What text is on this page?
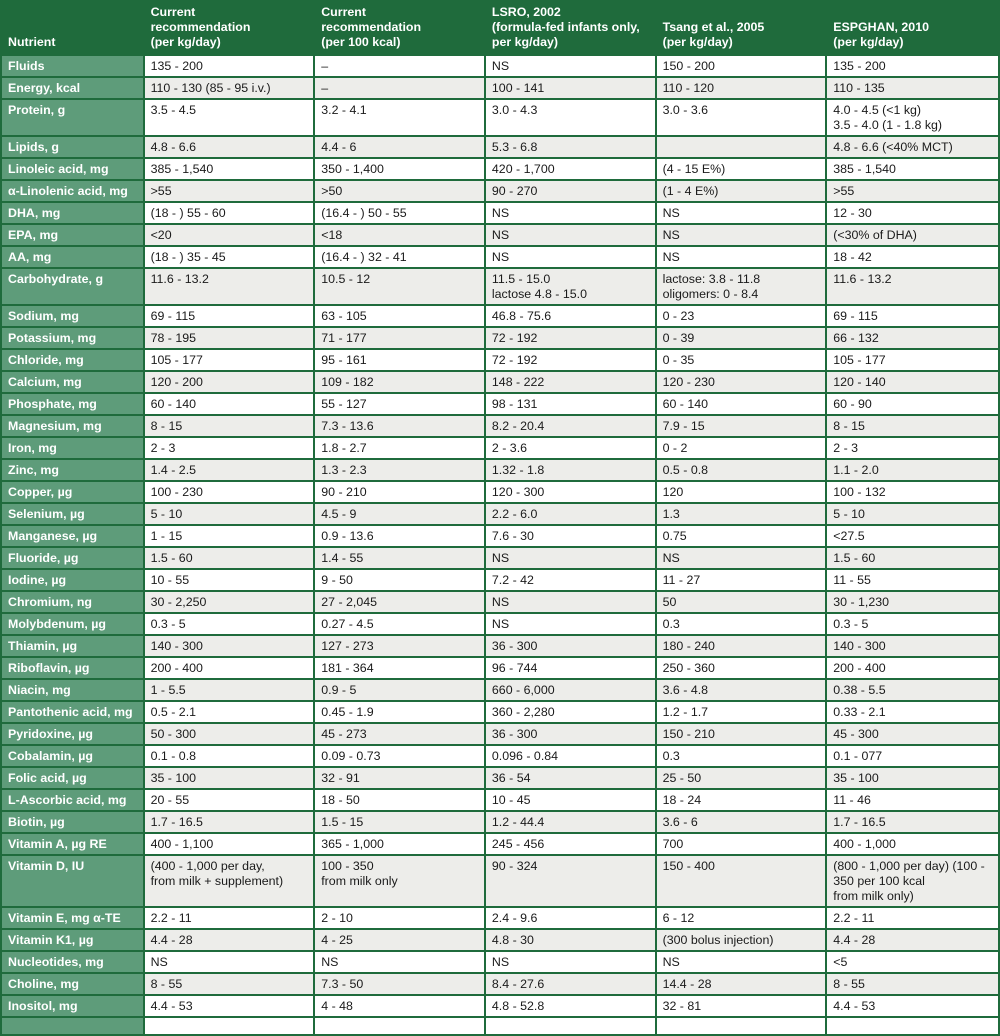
Nutrient	Current
recommendation
(per kg/day)	Current
recommendation
(per 100 kcal)	LSRO, 2002
(formula-fed infants only,
per kg/day)	Tsang et al., 2005
(per kg/day)	ESPGHAN, 2010
(per kg/day)

Fluids	135 - 200	–	NS	150 - 200	135 - 200
Energy, kcal	110 - 130 (85 - 95 i.v.)	–	100 - 141	110 - 120	110 - 135
Protein, g	3.5 - 4.5	3.2 - 4.1	3.0 - 4.3	3.0 - 3.6	4.0 - 4.5 (<1 kg)
3.5 - 4.0 (1 - 1.8 kg)

Lipids, g	4.8 - 6.6	4.4 - 6	5.3 - 6.8		4.8 - 6.6 (<40% MCT)
Linoleic acid, mg	385 - 1,540	350 - 1,400	420 - 1,700	(4 - 15 E%)	385 - 1,540
α-Linolenic acid, mg	>55	>50	90 - 270	(1 - 4 E%)	>55
DHA, mg	(18 - ) 55 - 60	(16.4 - ) 50 - 55	NS	NS	12 - 30
EPA, mg	<20	<18	NS	NS	(<30% of DHA)
AA, mg	(18 - ) 35 - 45	(16.4 - ) 32 - 41	NS	NS	18 - 42
Carbohydrate, g	11.6 - 13.2	10.5 - 12	11.5 - 15.0
lactose 4.8 - 15.0	lactose: 3.8 - 11.8
oligomers: 0 - 8.4	11.6 - 13.2
Sodium, mg	69 - 115	63 - 105	46.8 - 75.6	0 - 23	69 - 115
Potassium, mg	78 - 195	71 - 177	72 - 192	0 - 39	66 - 132
Chloride, mg	105 - 177	95 - 161	72 - 192	0 - 35	105 - 177
Calcium, mg	120 - 200	109 - 182	148 - 222	120 - 230	120 - 140
Phosphate, mg	60 - 140	55 - 127	98 - 131	60 - 140	60 - 90
Magnesium, mg	8 - 15	7.3 - 13.6	8.2 - 20.4	7.9 - 15	8 - 15
Iron, mg	2 - 3	1.8 - 2.7	2 - 3.6	0 - 2	2 - 3
Zinc, mg	1.4 - 2.5	1.3 - 2.3	1.32 - 1.8	0.5 - 0.8	1.1 - 2.0
Copper, µg	100 - 230	90 - 210	120 - 300	120	100 - 132
Selenium, µg	5 - 10	4.5 - 9	2.2 - 6.0	1.3	5 - 10
Manganese, µg	1 - 15	0.9 - 13.6	7.6 - 30	0.75	<27.5
Fluoride, µg	1.5 - 60	1.4 - 55	NS	NS	1.5 - 60
Iodine, µg	10 - 55	9 - 50	7.2 - 42	11 - 27	11 - 55
Chromium, ng	30 - 2,250	27 - 2,045	NS	50	30 - 1,230
Molybdenum, µg	0.3 - 5	0.27 - 4.5	NS	0.3	0.3 - 5
Thiamin, µg	140 - 300	127 - 273	36 - 300	180 - 240	140 - 300
Riboflavin, µg	200 - 400	181 - 364	96 - 744	250 - 360	200 - 400
Niacin, mg	1 - 5.5	0.9 - 5	660 - 6,000	3.6 - 4.8	0.38 - 5.5
Pantothenic acid, mg	0.5 - 2.1	0.45 - 1.9	360 - 2,280	1.2 - 1.7	0.33 - 2.1
Pyridoxine, µg	50 - 300	45 - 273	36 - 300	150 - 210	45 - 300
Cobalamin, µg	0.1 - 0.8	0.09 - 0.73	0.096 - 0.84	0.3	0.1 - 077
Folic acid, µg	35 - 100	32 - 91	36 - 54	25 - 50	35 - 100
L-Ascorbic acid, mg	20 - 55	18 - 50	10 - 45	18 - 24	11 - 46
Biotin, µg	1.7 - 16.5	1.5 - 15	1.2 - 44.4	3.6 - 6	1.7 - 16.5
Vitamin A, µg RE	400 - 1,100	365 - 1,000	245 - 456	700	400 - 1,000
Vitamin D, IU	(400 - 1,000 per day,
from milk + supplement)	100 - 350
from milk only	90 - 324	150 - 400	(800 - 1,000 per day) (100 -
350 per 100 kcal
from milk only)

Vitamin E, mg α-TE	2.2 - 11	2 - 10	2.4 - 9.6	6 - 12	2.2 - 11
Vitamin K1, µg	4.4 - 28	4 - 25	4.8 - 30	(300 bolus injection)	4.4 - 28
Nucleotides, mg	NS	NS	NS	NS	<5
Choline, mg	8 - 55	7.3 - 50	8.4 - 27.6	14.4 - 28	8 - 55
Inositol, mg	4.4 - 53	4 - 48	4.8 - 52.8	32 - 81	4.4 - 53
